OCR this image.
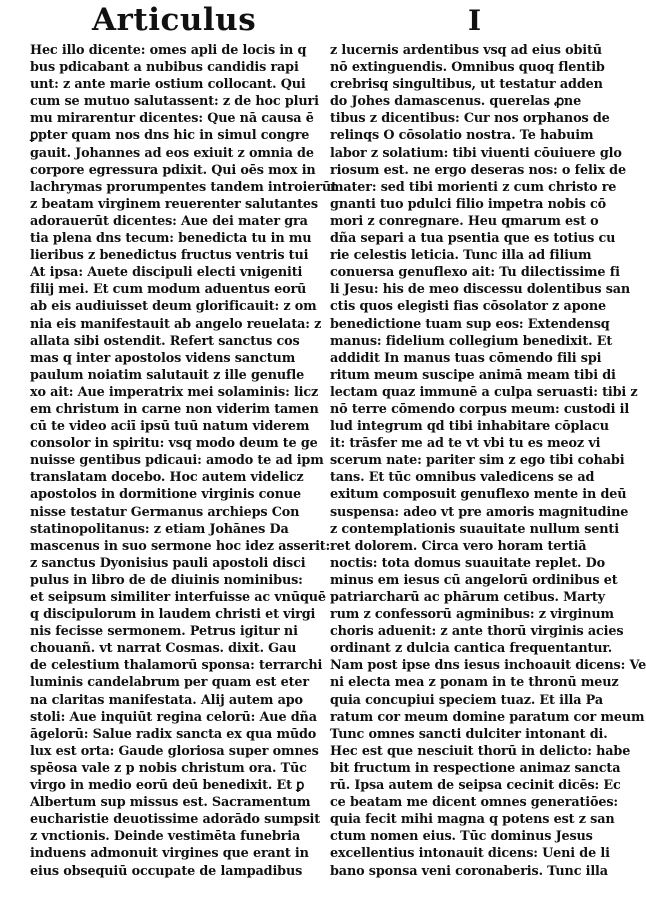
Articulus	I
Hec illo dicente: omes apli de locis in q
bus pdicabant a nubibus candidis rapi
unt: z ante marie ostium collocant. Qui
cum se mutuo salutassent: z de hoc pluri
mu mirarentur dicentes: Que nā causa ē
ꝑpter quam nos dns hic in simul congre
gauit. Johannes ad eos exiuit z omnia de
corpore egressura pdixit. Qui oēs mox in
lachrymas prorumpentes tandem introierūt
z beatam virginem reuerenter salutantes
adorauerūt dicentes: Aue dei mater gra
tia plena dns tecum: benedicta tu in mu
lieribus z benedictus fructus ventris tui
At ipsa: Auete discipuli electi vnigeniti
filij mei. Et cum modum aduentus eorū
ab eis audiuisset deum glorificauit: z om
nia eis manifestauit ab angelo reuelata: z
allata sibi ostendit. Refert sanctus cos
mas q inter apostolos videns sanctum
paulum noiatim salutauit z ille genufle
xo ait: Aue imperatrix mei solaminis: licz
em christum in carne non viderim tamen
cū te video aciī ipsū tuū natum viderem
consolor in spiritu: vsq modo deum te ge
nuisse gentibus pdicaui: amodo te ad ipm
translatam docebo. Hoc autem videlicz
apostolos in dormitione virginis conue
nisse testatur Germanus archieps Con
statinopolitanus: z etiam Johānes Da
mascenus in suo sermone hoc idez asserit:
z sanctus Dyonisius pauli apostoli disci
pulus in libro de de diuinis nominibus:
et seipsum similiter interfuisse ac vnūquē
q discipulorum in laudem christi et virgi
nis fecisse sermonem. Petrus igitur ni
chouanñ. vt narrat Cosmas. dixit. Gau
de celestium thalamorū sponsa: terrarchi
luminis candelabrum per quam est eter
na claritas manifestata. Alij autem apo
stoli: Aue inquiūt regina celorū: Aue dña
āgelorū: Salue radix sancta ex qua mūdo
lux est orta: Gaude gloriosa super omnes
spēosa vale z p nobis christum ora. Tūc
virgo in medio eorū deū benedixit. Et ꝑ
Albertum sup missus est. Sacramentum
eucharistie deuotissime adorādo sumpsit
z vnctionis. Deinde vestimēta funebria
induens admonuit virgines que erant in
eius obsequiū occupate de lampadibus
z lucernis ardentibus vsq ad eius obitū
nō extinguendis. Omnibus quoq flentib
crebrisq singultibus, ut testatur adden
do Johes damascenus. querelas ꝓne
tibus z dicentibus: Cur nos orphanos de
relinqs O cōsolatio nostra. Te habuim
labor z solatium: tibi viuenti cōuiuere glo
riosum est. ne ergo deseras nos: o felix de
mater: sed tibi morienti z cum christo re
gnanti tuo pdulci filio impetra nobis cō
mori z conregnare. Heu qmarum est o
dña separi a tua psentia que es totius cu
rie celestis leticia. Tunc illa ad filium
conuersa genuflexo ait: Tu dilectissime fi
li Jesu: his de meo discessu dolentibus san
ctis quos elegisti fias cōsolator z apone
benedictione tuam sup eos: Extendensq
manus: fidelium collegium benedixit. Et
addidit In manus tuas cōmendo fili spi
ritum meum suscipe animā meam tibi di
lectam quaz immunē a culpa seruasti: tibi z
nō terre cōmendo corpus meum: custodi il
lud integrum qd tibi inhabitare cōplacu
it: trāsfer me ad te vt vbi tu es meoz vi
scerum nate: pariter sim z ego tibi cohabi
tans. Et tūc omnibus valedicens se ad
exitum composuit genuflexo mente in deū
suspensa: adeo vt pre amoris magnitudine
z contemplationis suauitate nullum senti
ret dolorem. Circa vero horam tertiā
noctis: tota domus suauitate replet. Do
minus em iesus cū angelorū ordinibus et
patriarcharū ac phārum cetibus. Marty
rum z confessorū agminibus: z virginum
choris aduenit: z ante thorū virginis acies
ordinant z dulcia cantica frequentantur.
Nam post ipse dns iesus inchoauit dicens: Ve
ni electa mea z ponam in te thronū meuz
quia concupiui speciem tuaz. Et illa Pa
ratum cor meum domine paratum cor meum
Tunc omnes sancti dulciter intonant di.
Hec est que nesciuit thorū in delicto: habe
bit fructum in respectione animaz sancta
rū. Ipsa autem de seipsa cecinit dicēs: Ec
ce beatam me dicent omnes generatiōes:
quia fecit mihi magna q potens est z san
ctum nomen eius. Tūc dominus Jesus
excellentius intonauit dicens: Ueni de li
bano sponsa veni coronaberis. Tunc illa
